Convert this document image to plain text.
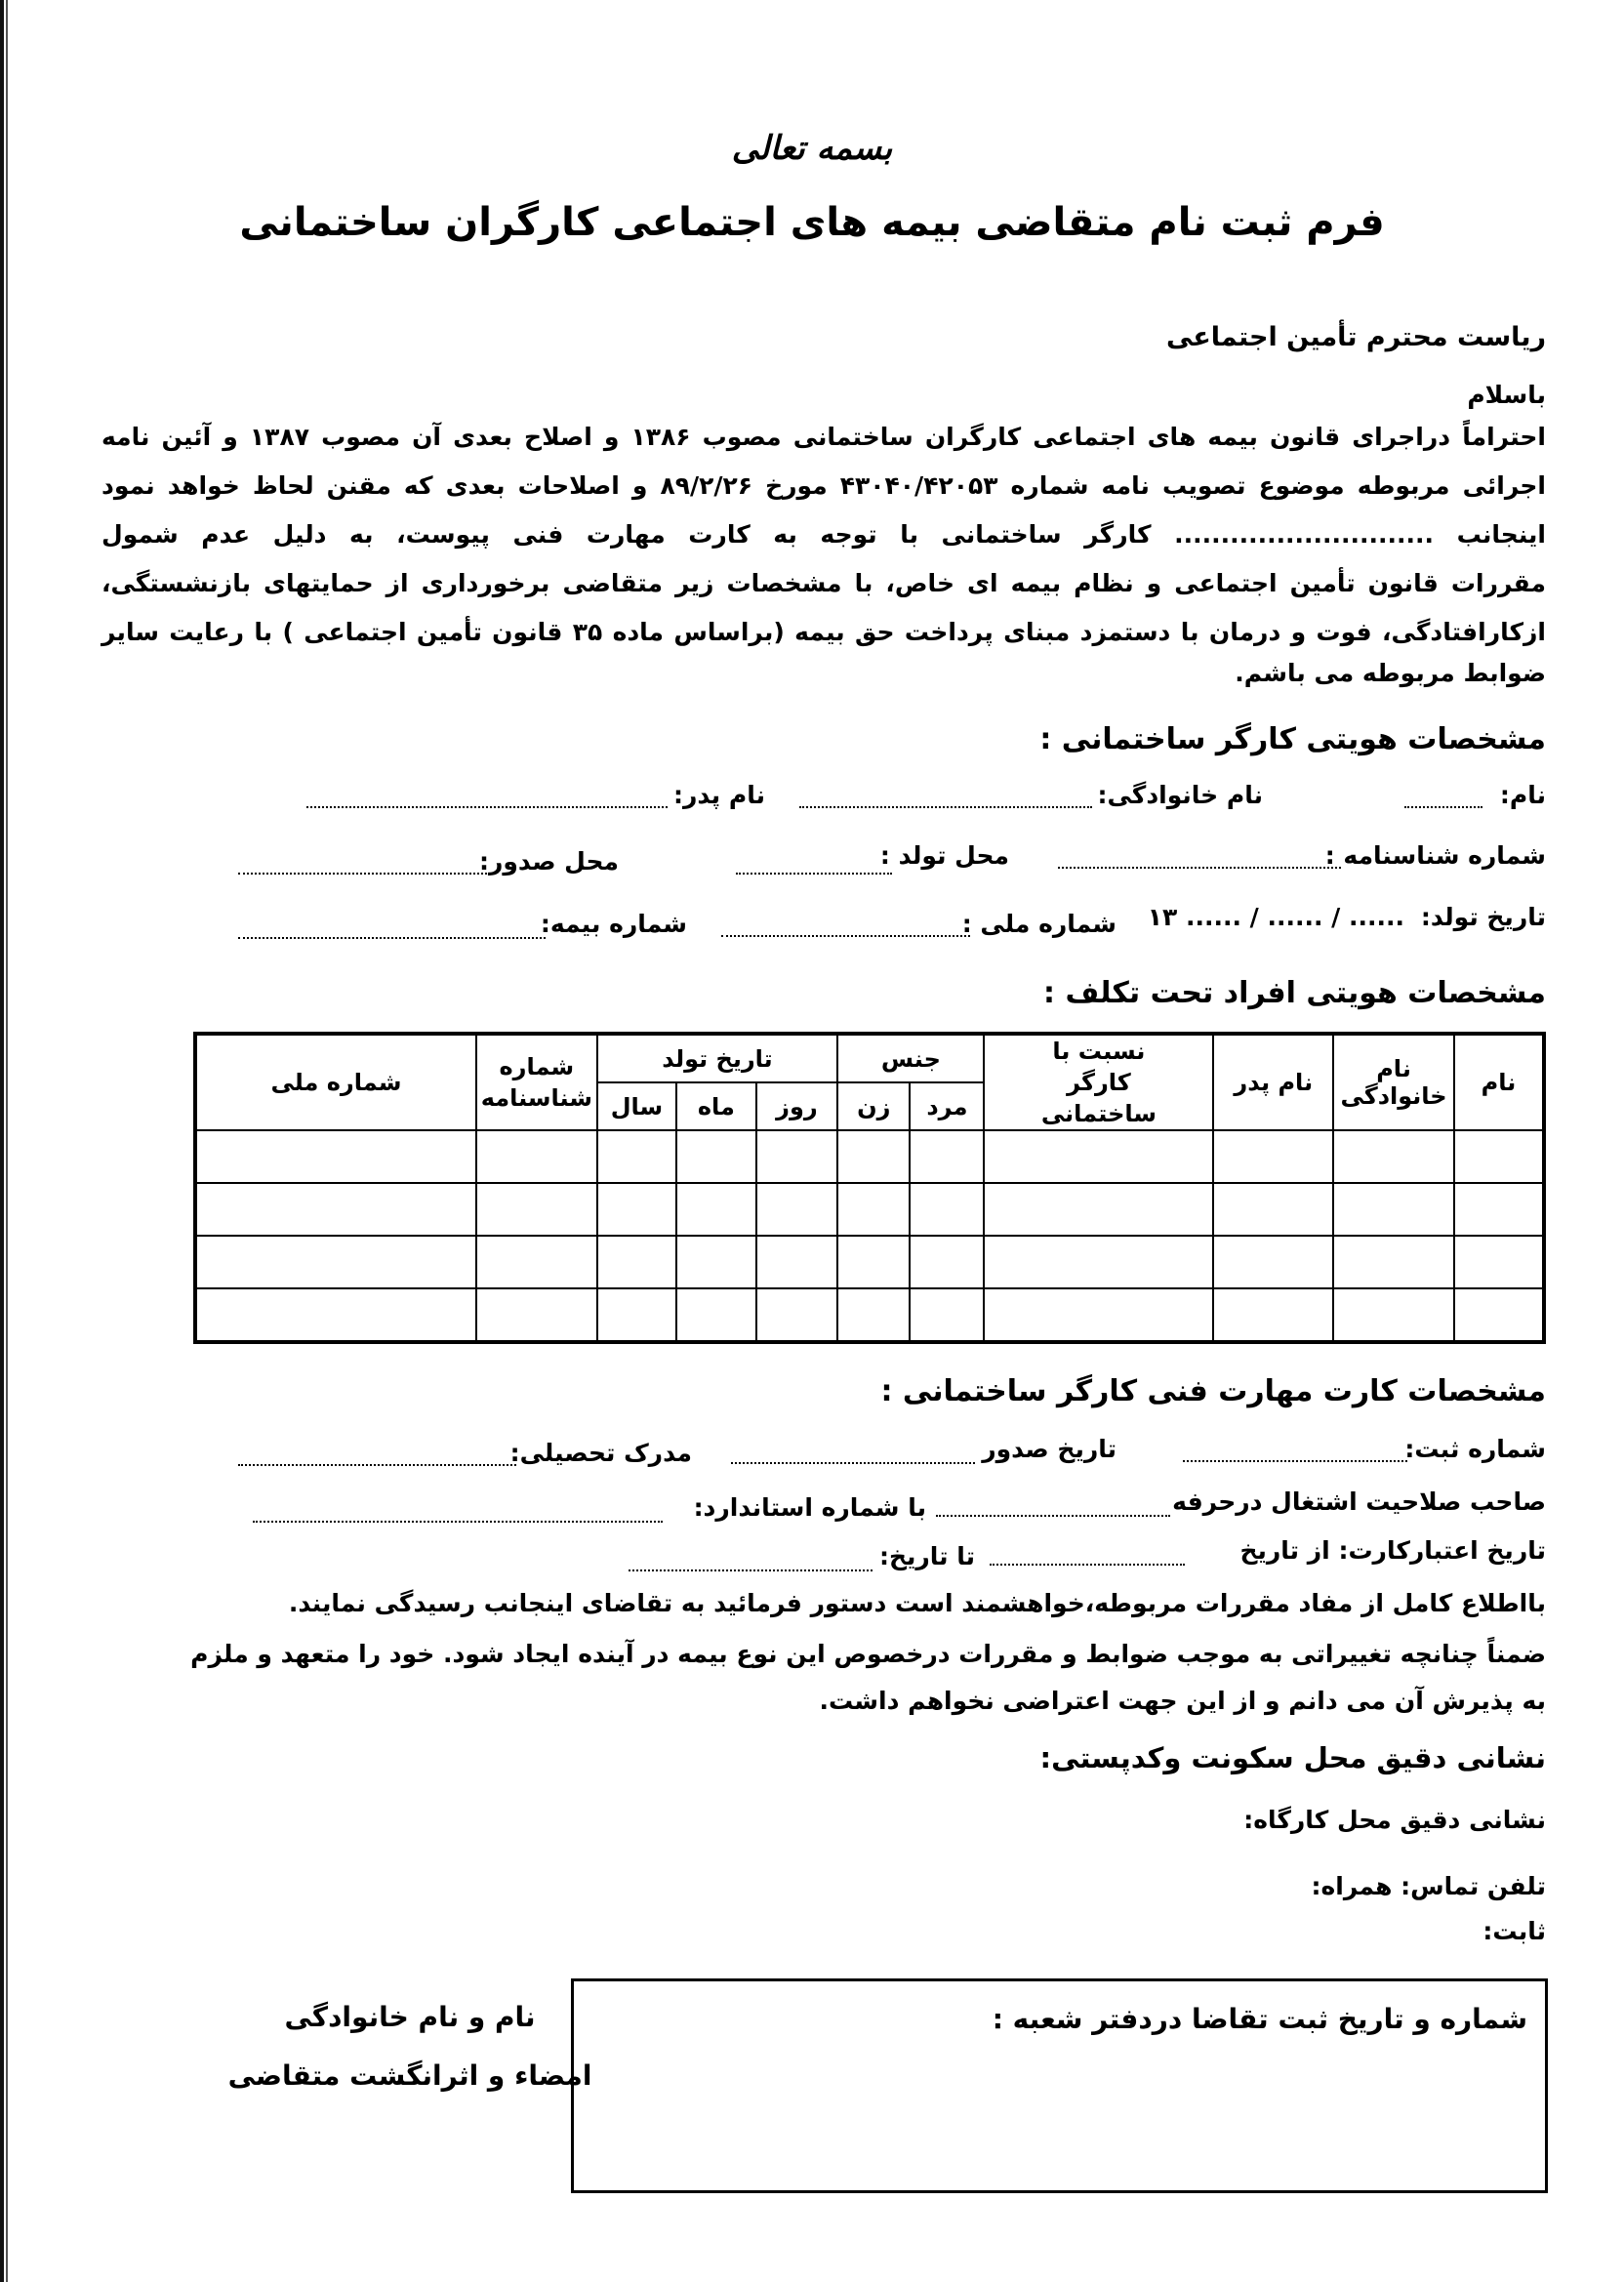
بسمه تعالی
فرم ثبت نام متقاضی بیمه های اجتماعی کارگران ساختمانی
ریاست محترم تأمین اجتماعی
باسلام
احتراماً دراجرای قانون بیمه های اجتماعی کارگران ساختمانی مصوب ۱۳۸۶ و اصلاح بعدی آن مصوب ۱۳۸۷ و آئین نامه
اجرائی مربوطه موضوع تصویب نامه شماره ۴۳۰۴۰/۴۲۰۵۳ مورخ ۸۹/۲/۲۶ و اصلاحات بعدی که مقنن لحاظ خواهد نمود
اینجانب ............................ کارگر ساختمانی با توجه به کارت مهارت فنی پیوست، به دلیل عدم شمول
مقررات قانون تأمین اجتماعی و نظام بیمه ای خاص، با مشخصات زیر متقاضی برخورداری از حمایتهای بازنشستگی،
ازکارافتادگی، فوت و درمان با دستمزد مبنای پرداخت حق بیمه (براساس ماده ۳۵ قانون تأمین اجتماعی ) با رعایت سایر
ضوابط مربوطه می باشم.
مشخصات هویتی کارگر ساختمانی :
نام:
نام خانوادگی:
نام پدر:
شماره شناسنامه :
محل تولد :
محل صدور:
تاریخ تولد:
...... / ...... / ...... ۱۳
شماره ملی :
شماره بیمه:
مشخصات هویتی افراد تحت تکلف :
نام	نام خانوادگی	نام پدر	نسبت با کارگر ساختمانی	جنس		تاریخ تولد			شماره شناسنامه	شماره ملی
				مرد	زن	روز	ماه	سال		

مشخصات کارت مهارت فنی کارگر ساختمانی :
شماره ثبت:
تاریخ صدور
مدرک تحصیلی:
صاحب صلاحیت اشتغال درحرفه
با شماره استاندارد:
تاریخ اعتبارکارت: از تاریخ
تا تاریخ:
بااطلاع کامل از مفاد مقررات مربوطه،خواهشمند است دستور فرمائید به تقاضای اینجانب رسیدگی نمایند.
ضمناً چنانچه تغییراتی به موجب ضوابط و مقررات درخصوص این نوع بیمه در آینده ایجاد شود. خود را متعهد و ملزم
به پذیرش آن می دانم و از این جهت اعتراضی نخواهم داشت.
نشانی دقیق محل سکونت وکدپستی:
نشانی دقیق محل کارگاه:
تلفن تماس: همراه:
ثابت:
شماره و تاریخ ثبت تقاضا دردفتر شعبه :
نام و نام خانوادگی
امضاء و اثرانگشت متقاضی
